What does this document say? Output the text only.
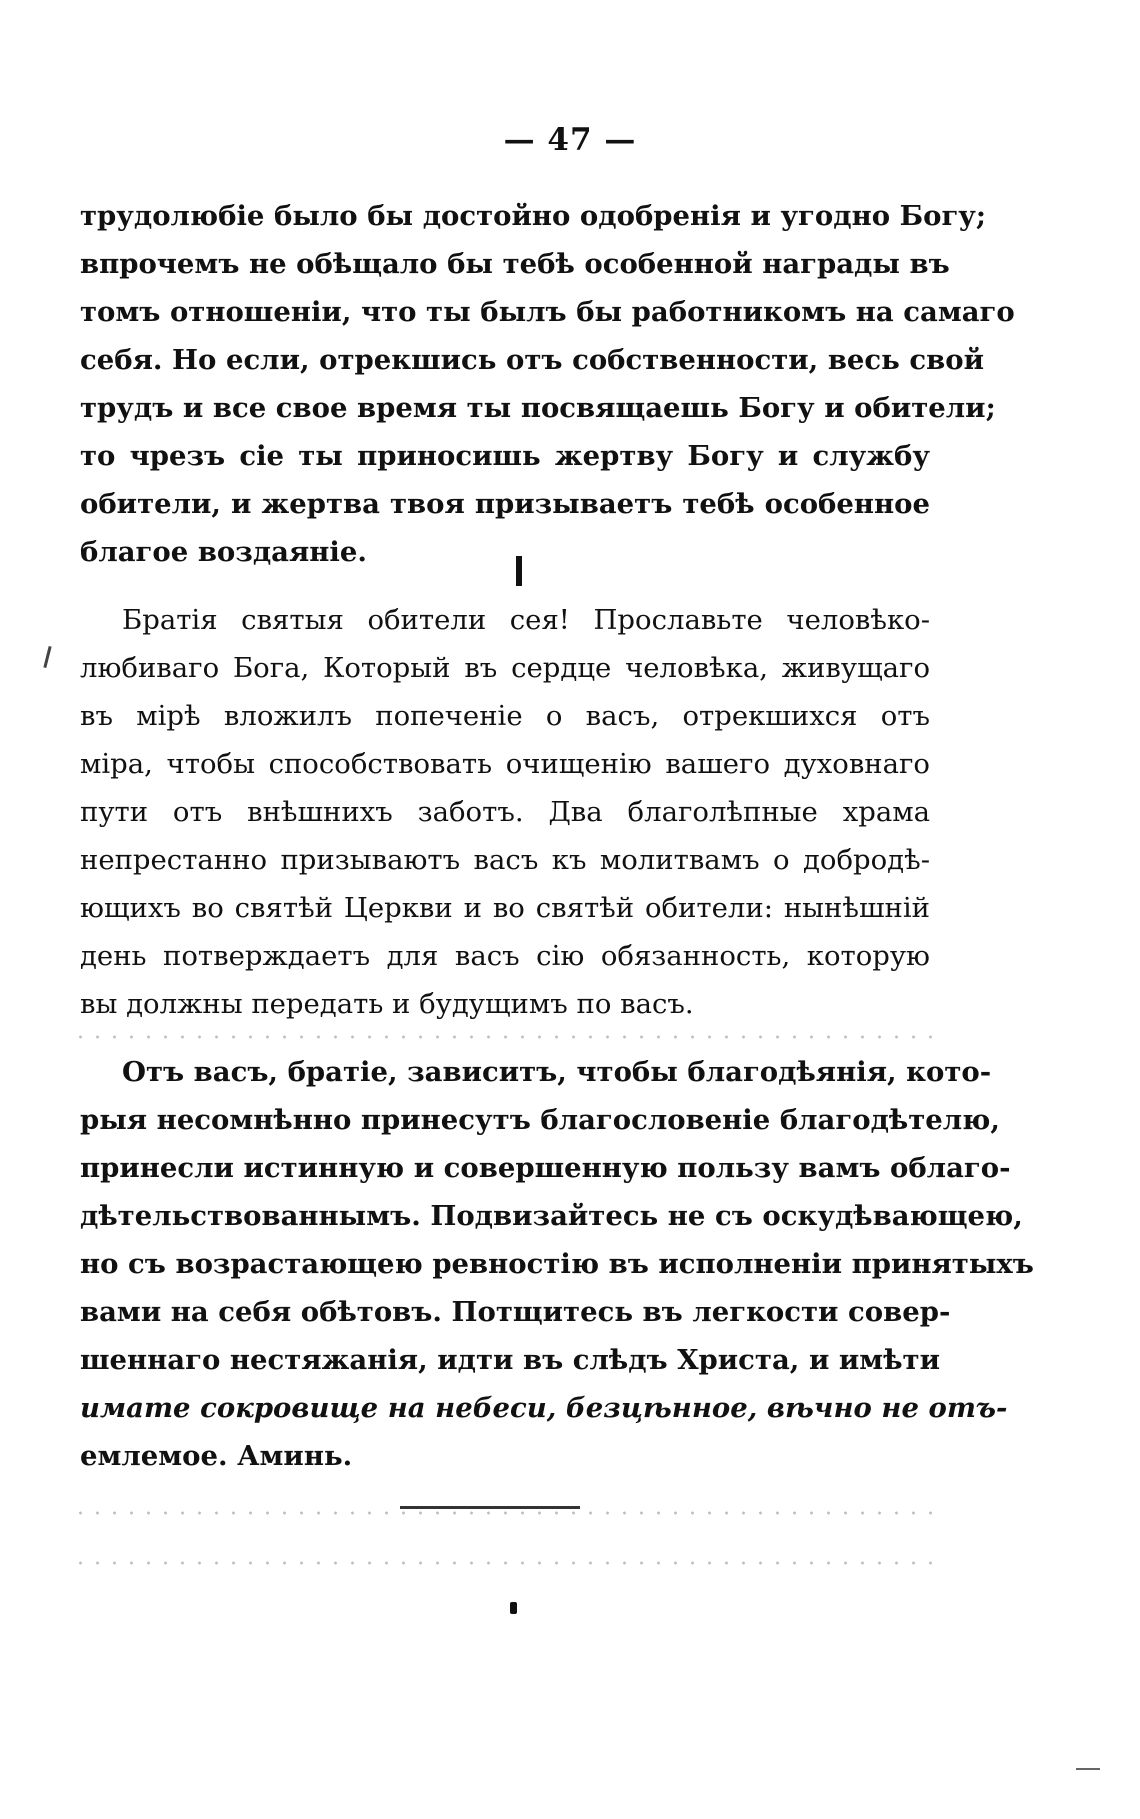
— 47 —
трудолюбіе было бы достойно одобренія и угодно Богу;
впрочемъ не обѣщало бы тебѣ особенной награды въ
томъ отношеніи, что ты былъ бы работникомъ на самаго
себя. Но если, отрекшись отъ собственности, весь свой
трудъ и все свое время ты посвящаешь Богу и обители;
то чрезъ сіе ты приносишь жертву Богу и службу
обители, и жертва твоя призываетъ тебѣ особенное
благое воздаяніе.
Братія святыя обители сея! Прославьте человѣко-
любиваго Бога, Который въ сердце человѣка, живущаго
въ мірѣ вложилъ попеченіе о васъ, отрекшихся отъ
міра, чтобы способствовать очищенію вашего духовнаго
пути отъ внѣшнихъ заботъ. Два благолѣпные храма
непрестанно призываютъ васъ къ молитвамъ о добродѣ-
ющихъ во святѣй Церкви и во святѣй обители: нынѣшній
день потверждаетъ для васъ сію обязанность, которую
вы должны передать и будущимъ по васъ.
Отъ васъ, братіе, зависитъ, чтобы благодѣянія, кото-
рыя несомнѣнно принесутъ благословеніе благодѣтелю,
принесли истинную и совершенную пользу вамъ облаго-
дѣтельствованнымъ. Подвизайтесь не съ оскудѣвающею,
но съ возрастающею ревностію въ исполненіи принятыхъ
вами на себя обѣтовъ. Потщитесь въ легкости совер-
шеннаго нестяжанія, идти въ слѣдъ Христа, и имѣти
имате сокровище на небеси, безцѣнное, вѣчно не отъ-
емлемое. Аминь.
